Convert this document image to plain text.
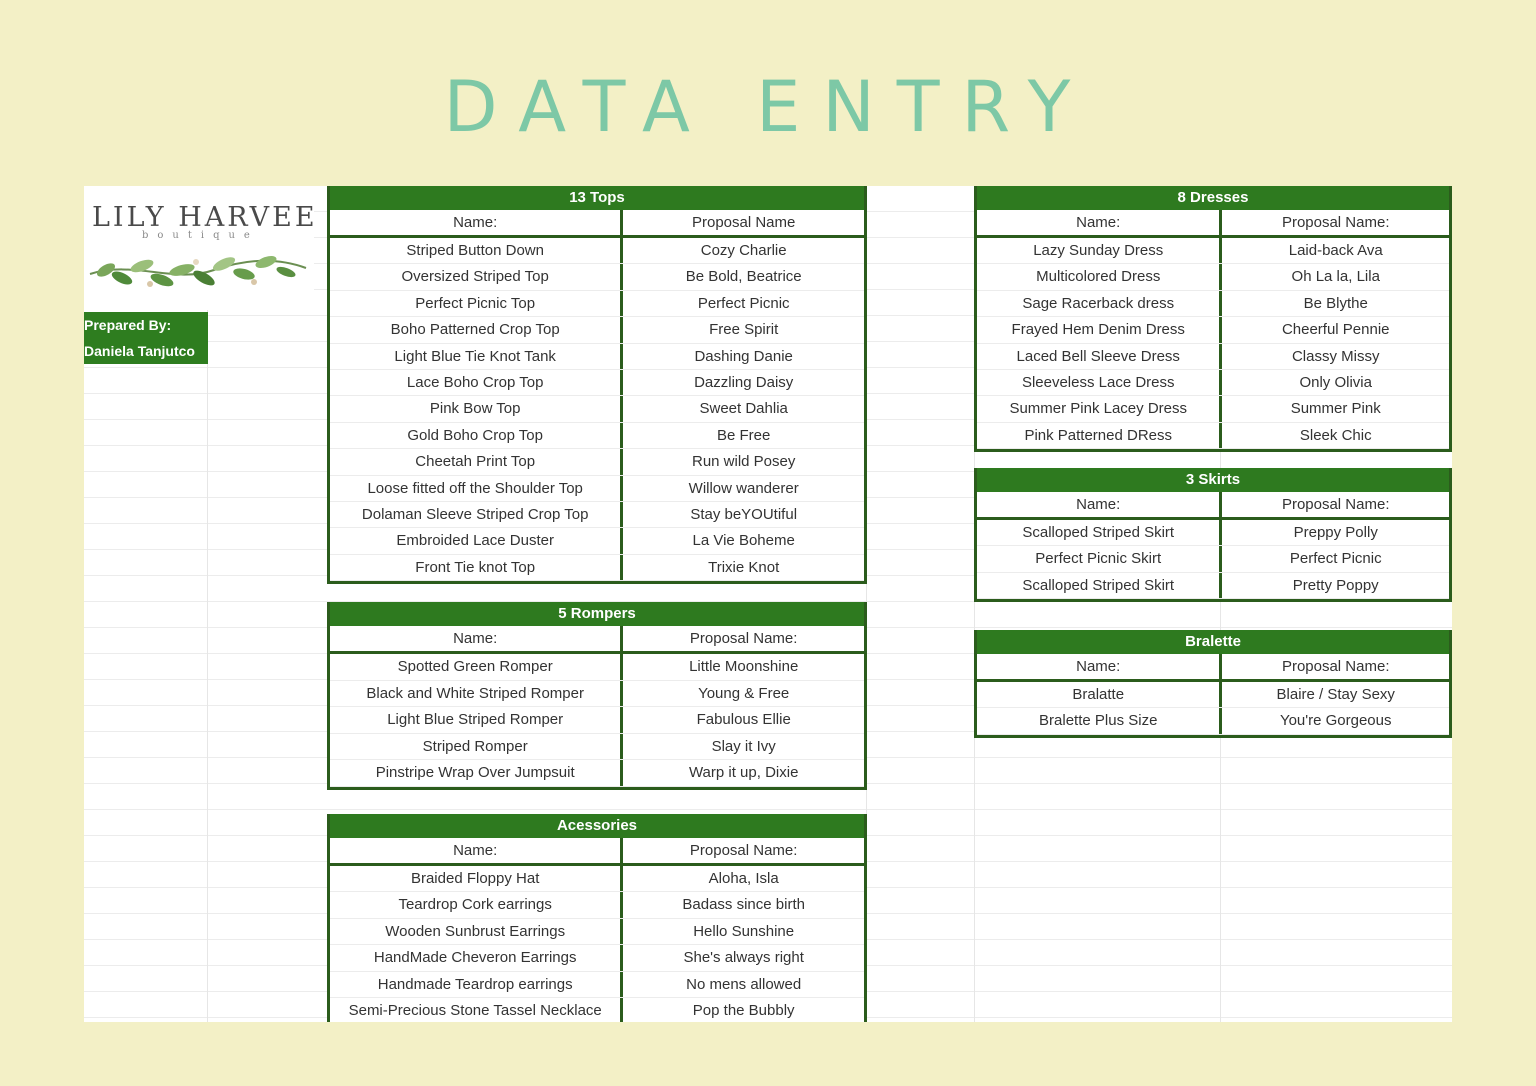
DATA ENTRY
LILY HARVEE
boutique
Prepared By:
Daniela Tanjutco
13 Tops
Name:	Proposal Name
Striped Button Down	Cozy Charlie
Oversized Striped Top	Be Bold, Beatrice
Perfect Picnic Top	Perfect Picnic
Boho Patterned Crop Top	Free Spirit
Light Blue Tie Knot Tank	Dashing Danie
Lace Boho Crop Top	Dazzling Daisy
Pink Bow Top	Sweet Dahlia
Gold Boho Crop Top	Be Free
Cheetah Print Top	Run wild Posey
Loose fitted off the Shoulder Top	Willow wanderer
Dolaman Sleeve Striped Crop Top	Stay beYOUtiful
Embroided Lace Duster	La Vie Boheme
Front Tie knot Top	Trixie Knot
5 Rompers
Name:	Proposal Name:
Spotted Green Romper	Little Moonshine
Black and White Striped Romper	Young & Free
Light Blue Striped Romper	Fabulous Ellie
Striped Romper	Slay it Ivy
Pinstripe Wrap Over Jumpsuit	Warp it up, Dixie
Acessories
Name:	Proposal Name:
Braided Floppy Hat	Aloha, Isla
Teardrop Cork earrings	Badass since birth
Wooden Sunbrust Earrings	Hello Sunshine
HandMade Cheveron Earrings	She's always right
Handmade Teardrop earrings	No mens allowed
Semi-Precious Stone Tassel Necklace	Pop the Bubbly
8 Dresses
Name:	Proposal Name:
Lazy Sunday Dress	Laid-back Ava
Multicolored Dress	Oh La la, Lila
Sage Racerback dress	Be Blythe
Frayed Hem Denim Dress	Cheerful Pennie
Laced Bell Sleeve Dress	Classy Missy
Sleeveless Lace Dress	Only Olivia
Summer Pink Lacey Dress	Summer Pink
Pink Patterned DRess	Sleek Chic
3 Skirts
Name:	Proposal Name:
Scalloped Striped Skirt	Preppy Polly
Perfect Picnic Skirt	Perfect Picnic
Scalloped Striped Skirt	Pretty Poppy
Bralette
Name:	Proposal Name:
Bralatte	Blaire / Stay Sexy
Bralette Plus Size	You're Gorgeous
